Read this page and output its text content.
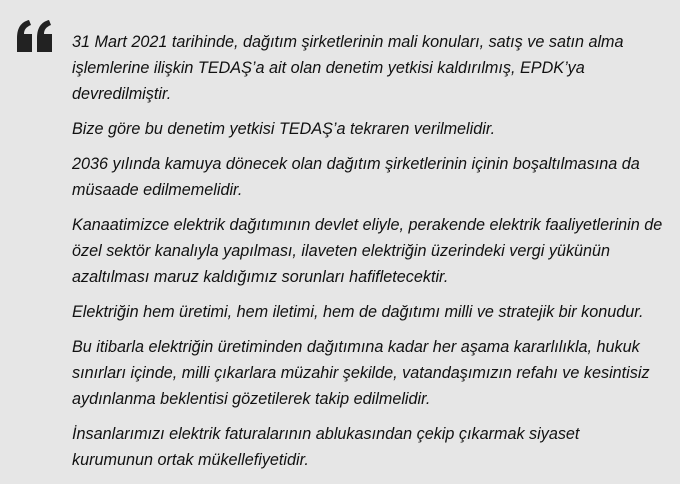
31 Mart 2021 tarihinde, dağıtım şirketlerinin mali konuları, satış ve satın alma işlemlerine ilişkin TEDAŞ’a ait olan denetim yetkisi kaldırılmış, EPDK’ya devredilmiştir.

Bize göre bu denetim yetkisi TEDAŞ’a tekraren verilmelidir.

2036 yılında kamuya dönecek olan dağıtım şirketlerinin içinin boşaltılmasına da müsaade edilmemelidir.

Kanaatimizce elektrik dağıtımının devlet eliyle, perakende elektrik faaliyetlerinin de özel sektör kanalıyla yapılması, ilaveten elektriğin üzerindeki vergi yükünün azaltılması maruz kaldığımız sorunları hafifletecektir.

Elektriğin hem üretimi, hem iletimi, hem de dağıtımı milli ve stratejik bir konudur.

Bu itibarla elektriğin üretiminden dağıtımına kadar her aşama kararlılıkla, hukuk sınırları içinde, milli çıkarlara müzahir şekilde, vatandaşımızın refahı ve kesintisiz aydınlanma beklentisi gözetilerek takip edilmelidir.

İnsanlarımızı elektrik faturalarının ablukasından çekip çıkarmak siyaset kurumunun ortak mükellefiyetidir.
